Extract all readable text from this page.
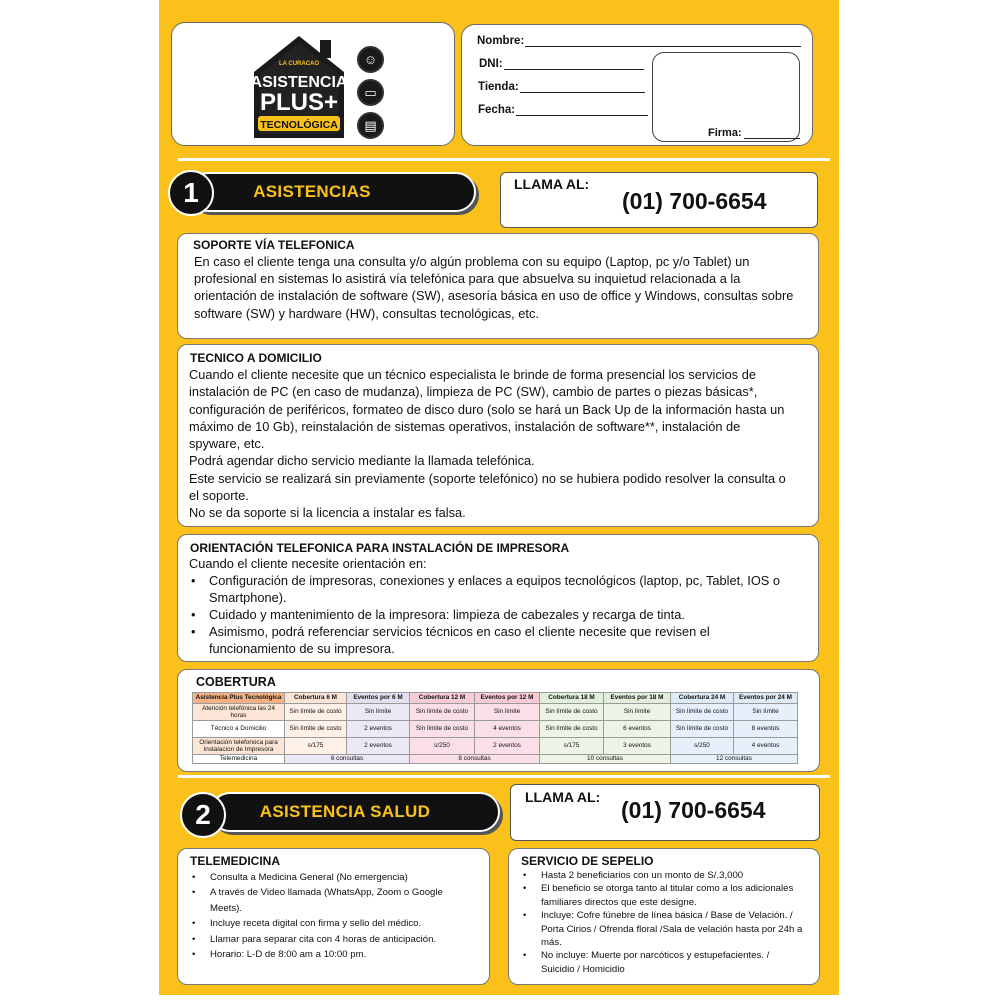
LA CURACAO
ASISTENCIA
PLUS+
TECNOLÓGICA
☺
▭
▤
Nombre:
DNI:
Tienda:
Fecha:
Firma:
ASISTENCIAS
1	LLAMA AL:
(01) 700-6654
SOPORTE VÍA TELEFONICA
En caso el cliente tenga una consulta y/o algún problema con su equipo (Laptop, pc y/o Tablet) un
profesional en sistemas lo asistirá vía telefónica para que absuelva su inquietud relacionada a la
orientación de instalación de software (SW), asesoría básica en uso de office y Windows, consultas sobre
software (SW) y hardware (HW), consultas tecnológicas, etc.
TECNICO A DOMICILIO
Cuando el cliente necesite que un técnico especialista le brinde de forma presencial los servicios de
instalación de PC (en caso de mudanza), limpieza de PC (SW), cambio de partes o piezas básicas*,
configuración de periféricos, formateo de disco duro (solo se hará un Back Up de la información hasta un
máximo de 10 Gb), reinstalación de sistemas operativos, instalación de software**, instalación de
spyware, etc.
Podrá agendar dicho servicio mediante la llamada telefónica.
Este servicio se realizará sin previamente (soporte telefónico) no se hubiera podido resolver la consulta o
el soporte.
No se da soporte si la licencia a instalar es falsa.
ORIENTACIÓN TELEFONICA PARA INSTALACIÓN DE IMPRESORA
Cuando el cliente necesite orientación en:
• Configuración de impresoras, conexiones y enlaces a equipos tecnológicos (laptop, pc, Tablet, IOS o
Smartphone).
• Cuidado y mantenimiento de la impresora: limpieza de cabezales y recarga de tinta.
• Asimismo, podrá referenciar servicios técnicos en caso el cliente necesite que revisen el
funcionamiento de su impresora.
COBERTURA
Asistencia Plus Tecnológica	Cobertura 6 M	Eventos por 6 M	Cobertura 12 M	Eventos por 12 M	Cobertura 18 M	Eventos por 18 M	Cobertura 24 M	Eventos por 24 M
Atención telefónica las 24 horas	Sin límite de costo	Sin límite	Sin límite de costo	Sin límite	Sin límite de costo	Sin límite	Sin límite de costo	Sin límite
Técnico a Domicilio	Sin límite de costo	2 eventos	Sin límite de costo	4 eventos	Sin límite de costo	6 eventos	Sin límite de costo	8 eventos
Orientación telefonoca para Instalacion de Impresora	s/175	2 eventos	s/250	2 eventos	s/175	3 eventos	s/250	4 eventos
Telemedicina	6 consultas		8 consultas		10 consultas		12 consultas	
ASISTENCIA SALUD
2
LLAMA AL: (01) 700-6654
TELEMEDICINA
• Consulta a Medicina General (No emergencia)
• A través de Video llamada (WhatsApp, Zoom o Google Meets).
• Incluye receta digital con firma y sello del médico.
• Llamar para separar cita con 4 horas de anticipación.
• Horario: L-D de 8:00 am a 10:00 pm.
SERVICIO DE SEPELIO
• Hasta 2 beneficiarios con un monto de S/.3,000
• El beneficio se otorga tanto al titular como a los adicionales
familiares directos que este designe.
• Incluye: Cofre fúnebre de línea básica / Base de Velación. /
Porta Cirios / Ofrenda floral /Sala de velación hasta por 24h a
más.
• No incluye: Muerte por narcóticos y estupefacientes. /
Suicidio / Homicidio
